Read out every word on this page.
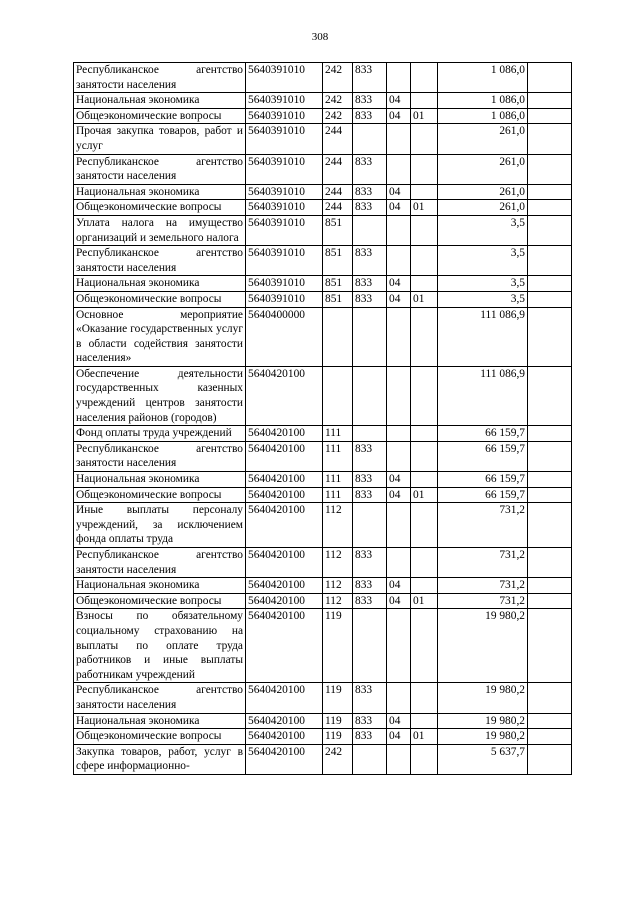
308
Республиканское агентство занятости населения	5640391010	242	833			1 086,0	
Национальная экономика	5640391010	242	833	04		1 086,0	
Общеэкономические вопросы	5640391010	242	833	04	01	1 086,0	
Прочая закупка товаров, работ и услуг	5640391010	244				261,0	
Республиканское агентство занятости населения	5640391010	244	833			261,0	
Национальная экономика	5640391010	244	833	04		261,0	
Общеэкономические вопросы	5640391010	244	833	04	01	261,0	
Уплата налога на имущество организаций и земельного налога	5640391010	851				3,5	
Республиканское агентство занятости населения	5640391010	851	833			3,5	
Национальная экономика	5640391010	851	833	04		3,5	
Общеэкономические вопросы	5640391010	851	833	04	01	3,5	
Основное мероприятие «Оказание государственных услуг в области содействия занятости населения»	5640400000					111 086,9	
Обеспечение деятельности государственных казенных учреждений центров занятости населения районов (городов)	5640420100					111 086,9	
Фонд оплаты труда учреждений	5640420100	111				66 159,7	
Республиканское агентство занятости населения	5640420100	111	833			66 159,7	
Национальная экономика	5640420100	111	833	04		66 159,7	
Общеэкономические вопросы	5640420100	111	833	04	01	66 159,7	
Иные выплаты персоналу учреждений, за исключением фонда оплаты труда	5640420100	112				731,2	
Республиканское агентство занятости населения	5640420100	112	833			731,2	
Национальная экономика	5640420100	112	833	04		731,2	
Общеэкономические вопросы	5640420100	112	833	04	01	731,2	
Взносы по обязательному социальному страхованию на выплаты по оплате труда работников и иные выплаты работникам учреждений	5640420100	119				19 980,2	
Республиканское агентство занятости населения	5640420100	119	833			19 980,2	
Национальная экономика	5640420100	119	833	04		19 980,2	
Общеэкономические вопросы	5640420100	119	833	04	01	19 980,2	
Закупка товаров, работ, услуг в сфере информационно-	5640420100	242				5 637,7	
